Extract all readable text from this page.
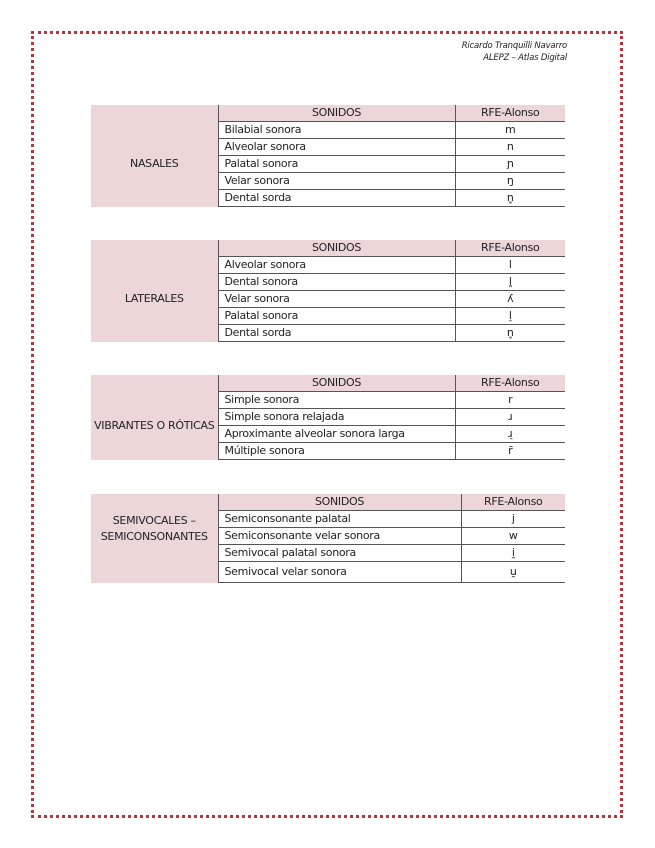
Ricardo Tranquilli Navarro
ALEPZ – Atlas Digital
	SONIDOS	RFE-Alonso
NASALES	Bilabial sonora	m
	Alveolar sonora	n
	Palatal sonora	ɲ
	Velar sonora	ŋ
	Dental sorda	n̥
	SONIDOS	RFE-Alonso
LATERALES	Alveolar sonora	l
	Dental sonora	l̪
	Velar sonora	ʎ
	Palatal sonora	l̠
	Dental sorda	n̥
	SONIDOS	RFE-Alonso
VIBRANTES O RÓTICAS	Simple sonora	r
	Simple sonora relajada	ɹ
	Aproximante alveolar sonora larga	ɹ̠
	Múltiple sonora	r̄
	SONIDOS	RFE-Alonso
SEMIVOCALES – SEMICONSONANTES	Semiconsonante palatal	j
	Semiconsonante velar sonora	w
	Semivocal palatal sonora	i̯
	Semivocal velar sonora	u̯
